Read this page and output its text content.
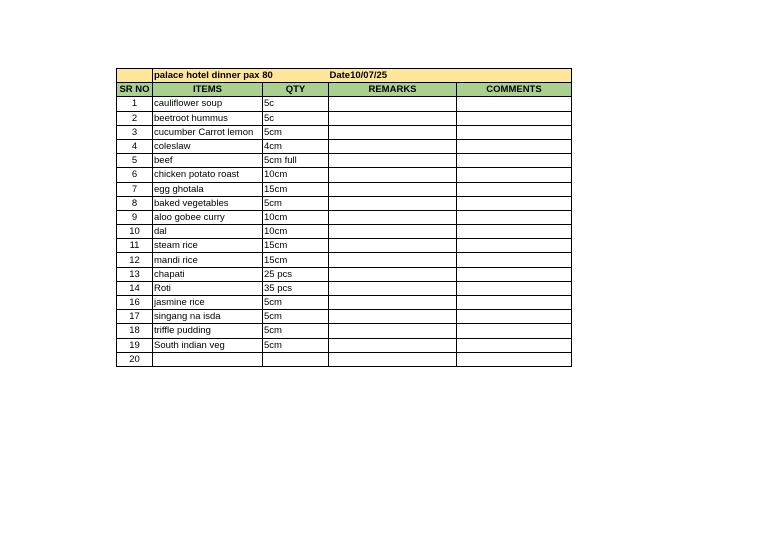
	palace hotel dinner pax 80		Date10/07/25	
SR NO	ITEMS	QTY	REMARKS	COMMENTS
1	cauliflower soup	5c		
2	beetroot hummus	5c		
3	cucumber Carrot lemon	5cm		
4	coleslaw	4cm		
5	beef	5cm full		
6	chicken potato roast	10cm		
7	egg ghotala	15cm		
8	baked vegetables	5cm		
9	aloo gobee curry	10cm		
10	dal	10cm		
11	steam rice	15cm		
12	mandi rice	15cm		
13	chapati	25 pcs		
14	Roti	35 pcs		
16	jasmine rice	5cm		
17	singang na isda	5cm		
18	triffle pudding	5cm		
19	South indian veg	5cm		
20				
